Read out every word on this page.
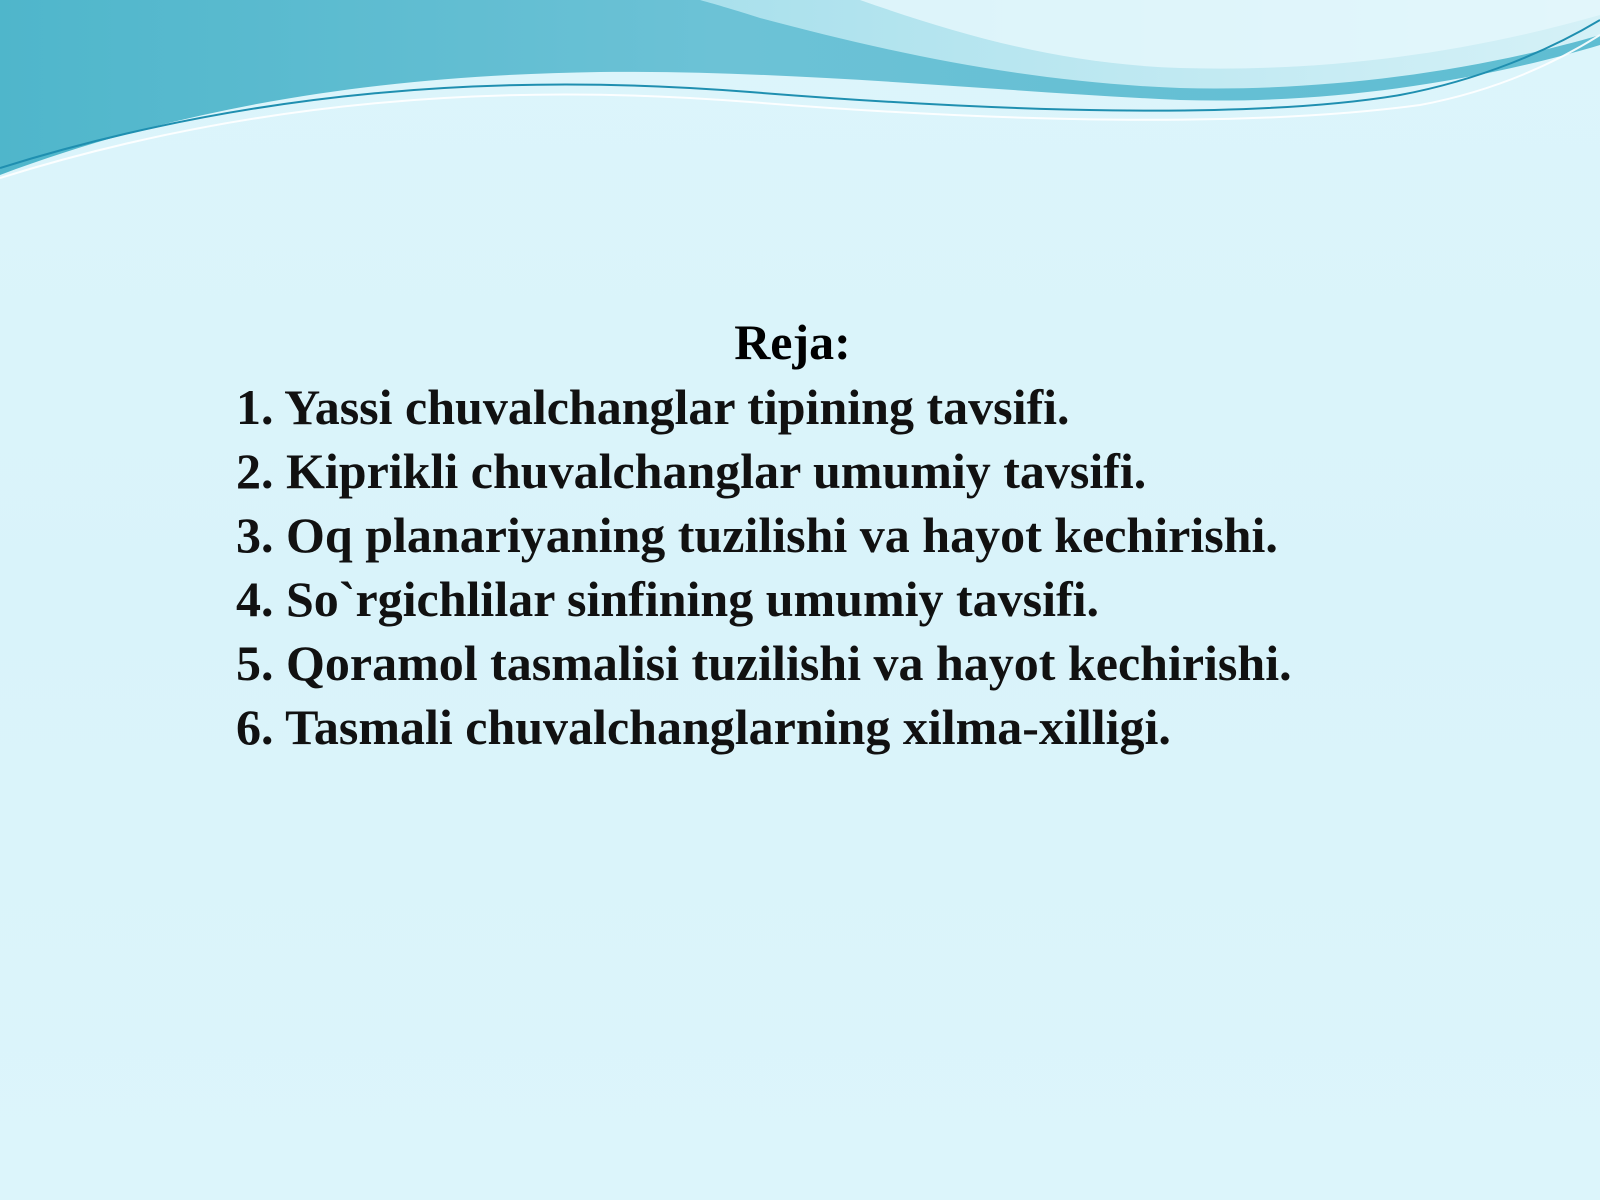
Reja:
1. Yassi chuvalchanglar tipining tavsifi.
2. Kiprikli chuvalchanglar umumiy tavsifi.
3. Oq planariyaning tuzilishi va hayot kechirishi.
4. So`rgichlilar sinfining umumiy tavsifi.
5. Qoramol tasmalisi tuzilishi va hayot kechirishi.
6. Tasmali chuvalchanglarning xilma-xilligi.
